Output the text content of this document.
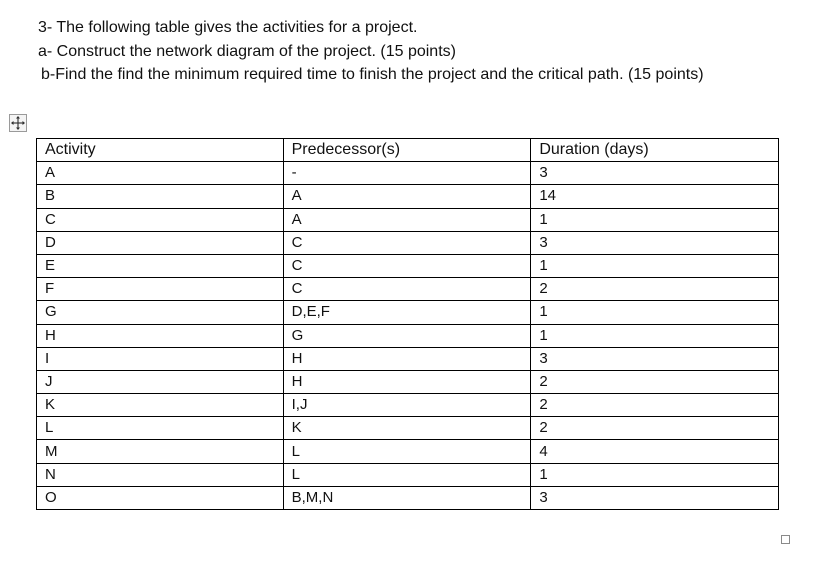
3- The following table gives the activities for a project.
a- Construct the network diagram of the project. (15 points)
b-Find the find the minimum required time to finish the project and the critical path. (15 points)
Activity	Predecessor(s)	Duration (days)
A	-	3
B	A	14
C	A	1
D	C	3
E	C	1
F	C	2
G	D,E,F	1
H	G	1
I	H	3
J	H	2
K	I,J	2
L	K	2
M	L	4
N	L	1
O	B,M,N	3
